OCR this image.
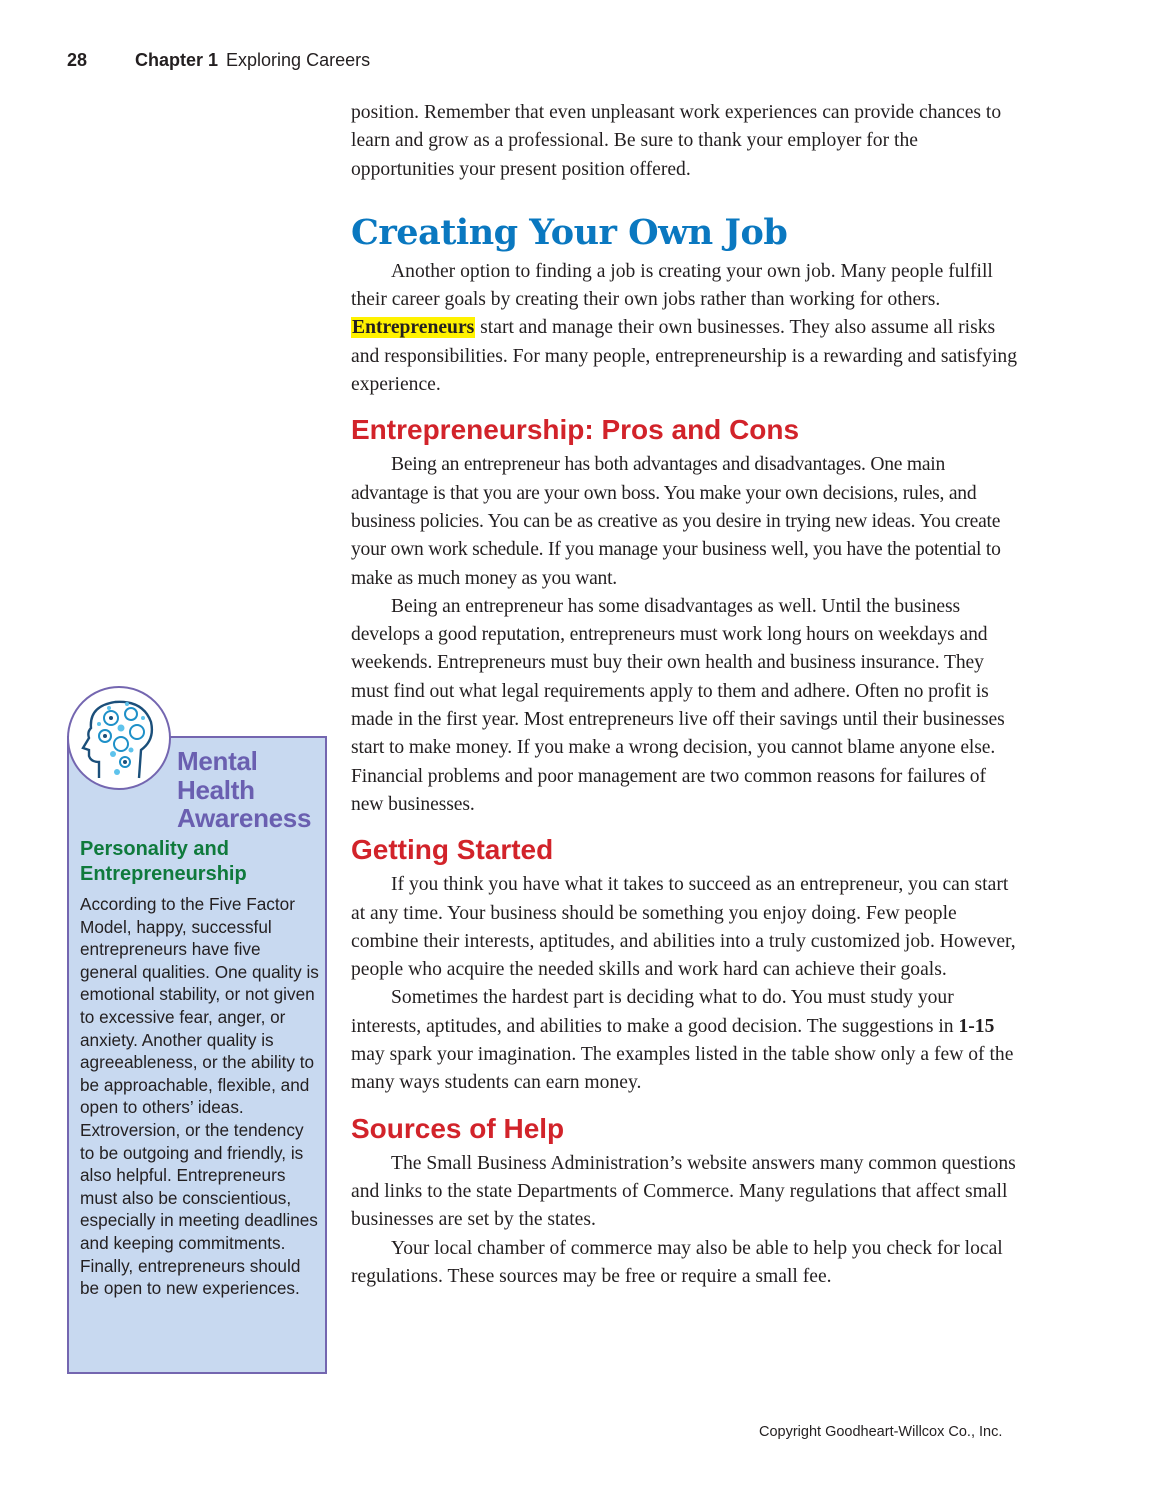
28	Chapter 1 Exploring Careers

position. Remember that even unpleasant work experiences can provide chances to learn and grow as a professional. Be sure to thank your employer for the opportunities your present position offered.

Creating Your Own Job

Another option to finding a job is creating your own job. Many people fulfill their career goals by creating their own jobs rather than working for others. Entrepreneurs start and manage their own businesses. They also assume all risks and responsibilities. For many people, entrepreneurship is a rewarding and satisfying experience.

Entrepreneurship: Pros and Cons

Being an entrepreneur has both advantages and disadvantages. One main advantage is that you are your own boss. You make your own decisions, rules, and business policies. You can be as creative as you desire in trying new ideas. You create your own work schedule. If you manage your business well, you have the potential to make as much money as you want.

Being an entrepreneur has some disadvantages as well. Until the business develops a good reputation, entrepreneurs must work long hours on weekdays and weekends. Entrepreneurs must buy their own health and business insurance. They must find out what legal requirements apply to them and adhere. Often no profit is made in the first year. Most entrepreneurs live off their savings until their businesses start to make money. If you make a wrong decision, you cannot blame anyone else. Financial problems and poor management are two common reasons for failures of new businesses.

Getting Started

If you think you have what it takes to succeed as an entrepreneur, you can start at any time. Your business should be something you enjoy doing. Few people combine their interests, aptitudes, and abilities into a truly customized job. However, people who acquire the needed skills and work hard can achieve their goals.

Sometimes the hardest part is deciding what to do. You must study your interests, aptitudes, and abilities to make a good decision. The suggestions in 1-15 may spark your imagination. The examples listed in the table show only a few of the many ways students can earn money.

Sources of Help

The Small Business Administration’s website answers many common questions and links to the state Departments of Commerce. Many regulations that affect small businesses are set by the states.

Your local chamber of commerce may also be able to help you check for local regulations. These sources may be free or require a small fee.

Mental
Health
Awareness
Personality and
Entrepreneurship
According to the Five Factor Model, happy, successful entrepreneurs have five general qualities. One quality is emotional stability, or not given to excessive fear, anger, or anxiety. Another quality is agreeableness, or the ability to be approachable, flexible, and open to others’ ideas. Extroversion, or the tendency to be outgoing and friendly, is also helpful. Entrepreneurs must also be conscientious, especially in meeting deadlines and keeping commitments. Finally, entrepreneurs should be open to new experiences.
Copyright Goodheart-Willcox Co., Inc.
